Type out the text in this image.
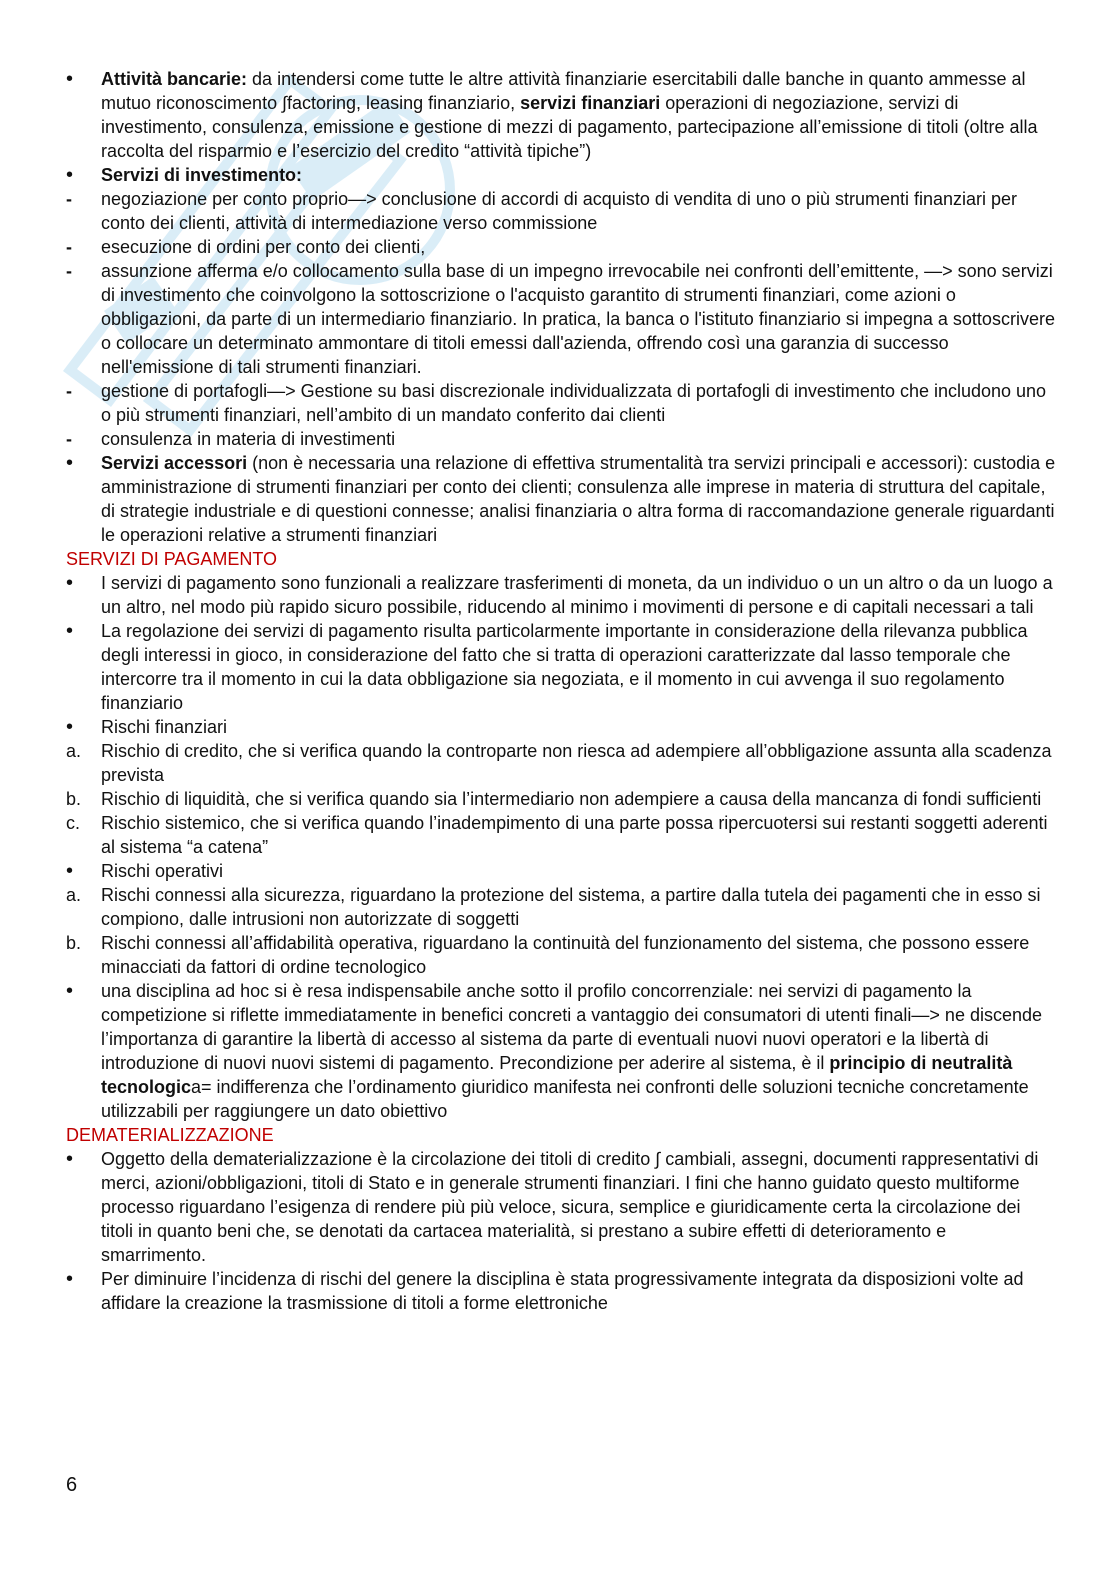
•
Attività bancarie: da intendersi come tutte le altre attività finanziarie esercitabili dalle banche in quanto ammesse al mutuo riconoscimento ∫factoring, leasing finanziario, servizi finanziari operazioni di negoziazione, servizi di investimento, consulenza, emissione e gestione di mezzi di pagamento, partecipazione all’emissione di titoli (oltre alla raccolta del risparmio e l’esercizio del credito “attività tipiche”)
•
Servizi di investimento:
-
negoziazione per conto proprio—> conclusione di accordi di acquisto di vendita di uno o più strumenti finanziari per conto dei clienti, attività di intermediazione verso commissione
-
esecuzione di ordini per conto dei clienti,
-
assunzione afferma e/o collocamento sulla base di un impegno irrevocabile nei confronti dell’emittente, —> sono servizi di investimento che coinvolgono la sottoscrizione o l'acquisto garantito di strumenti finanziari, come azioni o obbligazioni, da parte di un intermediario finanziario. In pratica, la banca o l'istituto finanziario si impegna a sottoscrivere o collocare un determinato ammontare di titoli emessi dall'azienda, offrendo così una garanzia di successo nell'emissione di tali strumenti finanziari.
-
gestione di portafogli—> Gestione su basi discrezionale individualizzata di portafogli di investimento che includono uno o più strumenti finanziari, nell’ambito di un mandato conferito dai clienti
-
consulenza in materia di investimenti
•
Servizi accessori (non è necessaria una relazione di effettiva strumentalità tra servizi principali e accessori): custodia e amministrazione di strumenti finanziari per conto dei clienti; consulenza alle imprese in materia di struttura del capitale, di strategie industriale e di questioni connesse; analisi finanziaria o altra forma di raccomandazione generale riguardanti le operazioni relative a strumenti finanziari
SERVIZI DI PAGAMENTO
•
I servizi di pagamento sono funzionali a realizzare trasferimenti di moneta, da un individuo o un un altro o da un luogo a un altro, nel modo più rapido sicuro possibile, riducendo al minimo i movimenti di persone e di capitali necessari a tali
•
La regolazione dei servizi di pagamento risulta particolarmente importante in considerazione della rilevanza pubblica degli interessi in gioco, in considerazione del fatto che si tratta di operazioni caratterizzate dal lasso temporale che intercorre tra il momento in cui la data obbligazione sia negoziata, e il momento in cui avvenga il suo regolamento finanziario
•
Rischi finanziari
a.	Rischio di credito, che si verifica quando la controparte non riesca ad adempiere all’obbligazione assunta alla scadenza prevista
b.	Rischio di liquidità, che si verifica quando sia l’intermediario non adempiere a causa della mancanza di fondi sufficienti
c.	Rischio sistemico, che si verifica quando l’inadempimento di una parte possa ripercuotersi sui restanti soggetti aderenti al sistema “a catena”
•
Rischi operativi
a.	Rischi connessi alla sicurezza, riguardano la protezione del sistema, a partire dalla tutela dei pagamenti che in esso si compiono, dalle intrusioni non autorizzate di soggetti
b.	Rischi connessi all’affidabilità operativa, riguardano la continuità del funzionamento del sistema, che possono essere minacciati da fattori di ordine tecnologico
•
una disciplina ad hoc si è resa indispensabile anche sotto il profilo concorrenziale: nei servizi di pagamento la competizione si riflette immediatamente in benefici concreti a vantaggio dei consumatori di utenti finali—> ne discende l’importanza di garantire la libertà di accesso al sistema da parte di eventuali nuovi nuovi operatori e la libertà di introduzione di nuovi nuovi sistemi di pagamento. Precondizione per aderire al sistema, è il principio di neutralità tecnologica= indifferenza che l’ordinamento giuridico manifesta nei confronti delle soluzioni tecniche concretamente utilizzabili per raggiungere un dato obiettivo
DEMATERIALIZZAZIONE
•
Oggetto della dematerializzazione è la circolazione dei titoli di credito ∫ cambiali, assegni, documenti rappresentativi di merci, azioni/obbligazioni, titoli di Stato e in generale strumenti finanziari. I fini che hanno guidato questo multiforme processo riguardano l’esigenza di rendere più più veloce, sicura, semplice e giuridicamente certa la circolazione dei titoli in quanto beni che, se denotati da cartacea materialità, si prestano a subire effetti di deterioramento e smarrimento.
•
Per diminuire l’incidenza di rischi del genere la disciplina è stata progressivamente integrata da disposizioni volte ad affidare la creazione la trasmissione di titoli a forme elettroniche
6
